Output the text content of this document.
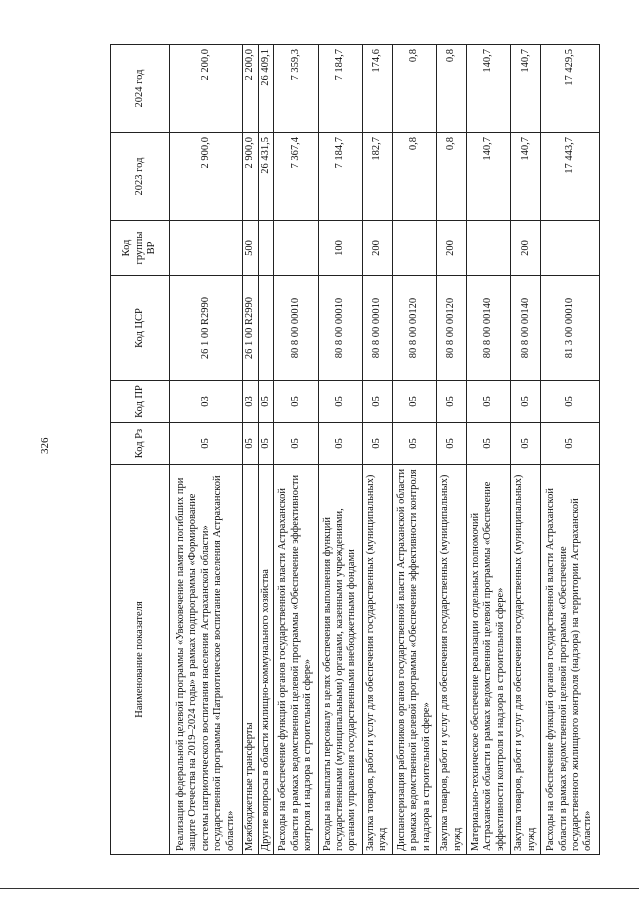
326
Наименование показателя	Код Рз	Код ПР	Код ЦСР	Код группы ВР	2023 год	2024 год
Реализация федеральной целевой программы «Увековечение памяти погибших при защите Отечества на 2019–2024 годы» в рамках подпрограммы «Формирование системы патриотического воспитания населения Астраханской области» государственной программы «Патриотическое воспитание населения Астраханской области»	05	03	26 1 00 R2990		2 900,0	2 200,0
Межбюджетные трансферты	05	03	26 1 00 R2990	500	2 900,0	2 200,0
Другие вопросы в области жилищно-коммунального хозяйства	05	05			26 431,5	26 409,1
Расходы на обеспечение функций органов государственной власти Астраханской области в рамках ведомственной целевой программы «Обеспечение эффективности контроля и надзора в строительной сфере»	05	05	80 8 00 00010		7 367,4	7 359,3
Расходы на выплаты персоналу в целях обеспечения выполнения функций государственными (муниципальными) органами, казенными учреждениями, органами управления государственными внебюджетными фондами	05	05	80 8 00 00010	100	7 184,7	7 184,7
Закупка товаров, работ и услуг для обеспечения государственных (муниципальных) нужд	05	05	80 8 00 00010	200	182,7	174,6
Диспансеризация работников органов государственной власти Астраханской области в рамках ведомственной целевой программы «Обеспечение эффективности контроля и надзора в строительной сфере»	05	05	80 8 00 00120		0,8	0,8
Закупка товаров, работ и услуг для обеспечения государственных (муниципальных) нужд	05	05	80 8 00 00120	200	0,8	0,8
Материально-техническое обеспечение реализации отдельных полномочий Астраханской области в рамках ведомственной целевой программы «Обеспечение эффективности контроля и надзора в строительной сфере»	05	05	80 8 00 00140		140,7	140,7
Закупка товаров, работ и услуг для обеспечения государственных (муниципальных) нужд	05	05	80 8 00 00140	200	140,7	140,7
Расходы на обеспечение функций органов государственной власти Астраханской области в рамках ведомственной целевой программы «Обеспечение государственного жилищного контроля (надзора) на территории Астраханской области»	05	05	81 3 00 00010		17 443,7	17 429,5
